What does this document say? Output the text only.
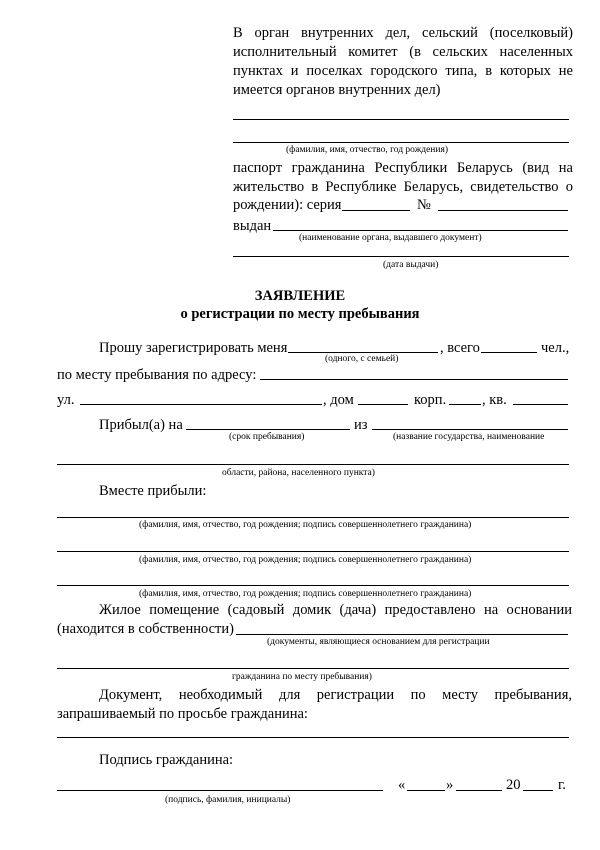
В орган внутренних дел, сельский (поселковый)
исполнительный комитет (в сельских населенных
пунктах и поселках городского типа, в которых не
имеется органов внутренних дел)
(фамилия, имя, отчество, год рождения)
паспорт гражданина Республики Беларусь (вид на
жительство в Республике Беларусь, свидетельство о
рождении): серия	№
выдан
(наименование органа, выдавшего документ)
(дата выдачи)
ЗАЯВЛЕНИЕ
о регистрации по месту пребывания
Прошу зарегистрировать меня	, всего	чел.,
(одного, с семьей)
по месту пребывания по адресу:
ул.	, дом	корп. , кв.
Прибыл(а) на	из
(срок пребывания)	(название государства, наименование
области, района, населенного пункта)
Вместе прибыли:
(фамилия, имя, отчество, год рождения; подпись совершеннолетнего гражданина)
(фамилия, имя, отчество, год рождения; подпись совершеннолетнего гражданина)
(фамилия, имя, отчество, год рождения; подпись совершеннолетнего гражданина)
Жилое помещение (садовый домик (дача) предоставлено на основании
(находится в собственности)
(документы, являющиеся основанием для регистрации
гражданина по месту пребывания)
Документ, необходимый для регистрации по месту пребывания,
запрашиваемый по просьбе гражданина:
Подпись гражданина:
(подпись, фамилия, инициалы)
«	»	20	г.
